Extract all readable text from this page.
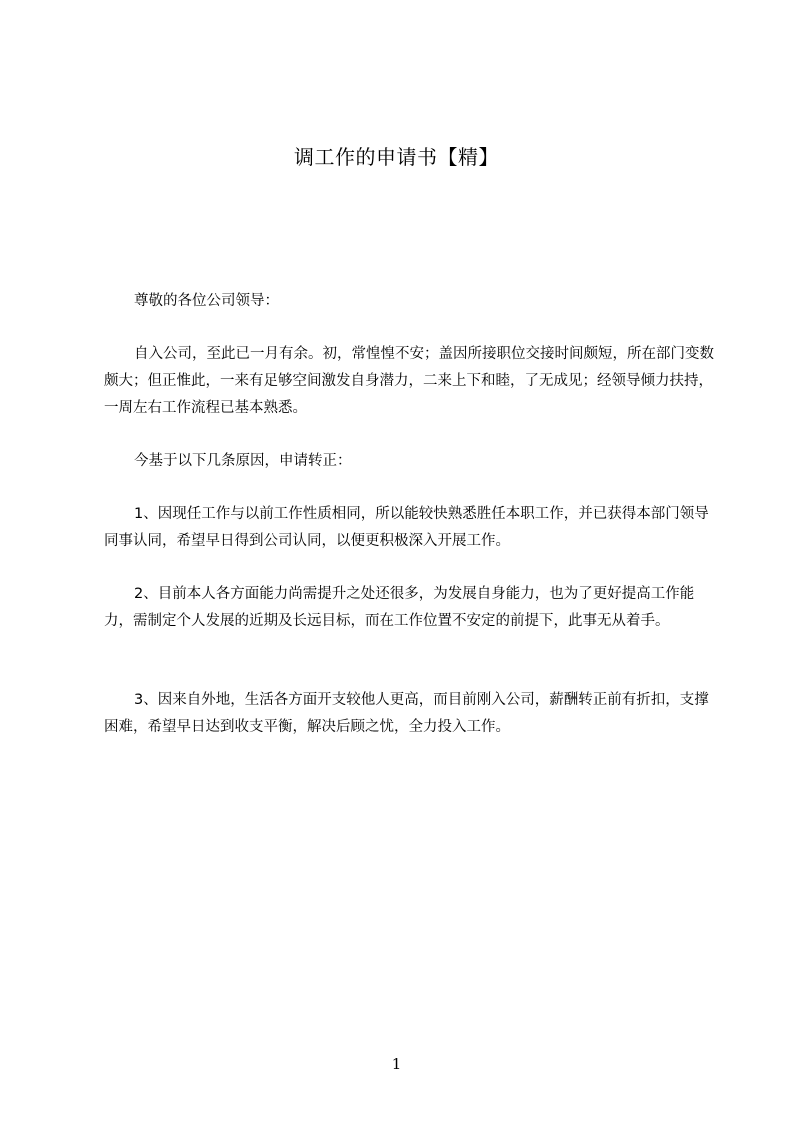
调工作的申请书【精】

尊敬的各位公司领导：

自入公司，至此已一月有余。初，常惶惶不安；盖因所接职位交接时间颇短，所在部门变数颇大；但正惟此，一来有足够空间激发自身潜力，二来上下和睦，了无成见；经领导倾力扶持，一周左右工作流程已基本熟悉。

今基于以下几条原因，申请转正：

1、因现任工作与以前工作性质相同，所以能较快熟悉胜任本职工作，并已获得本部门领导同事认同，希望早日得到公司认同，以便更积极深入开展工作。

2、目前本人各方面能力尚需提升之处还很多，为发展自身能力，也为了更好提高工作能力，需制定个人发展的近期及长远目标，而在工作位置不安定的前提下，此事无从着手。

3、因来自外地，生活各方面开支较他人更高，而目前刚入公司，薪酬转正前有折扣，支撑困难，希望早日达到收支平衡，解决后顾之忧，全力投入工作。

1
